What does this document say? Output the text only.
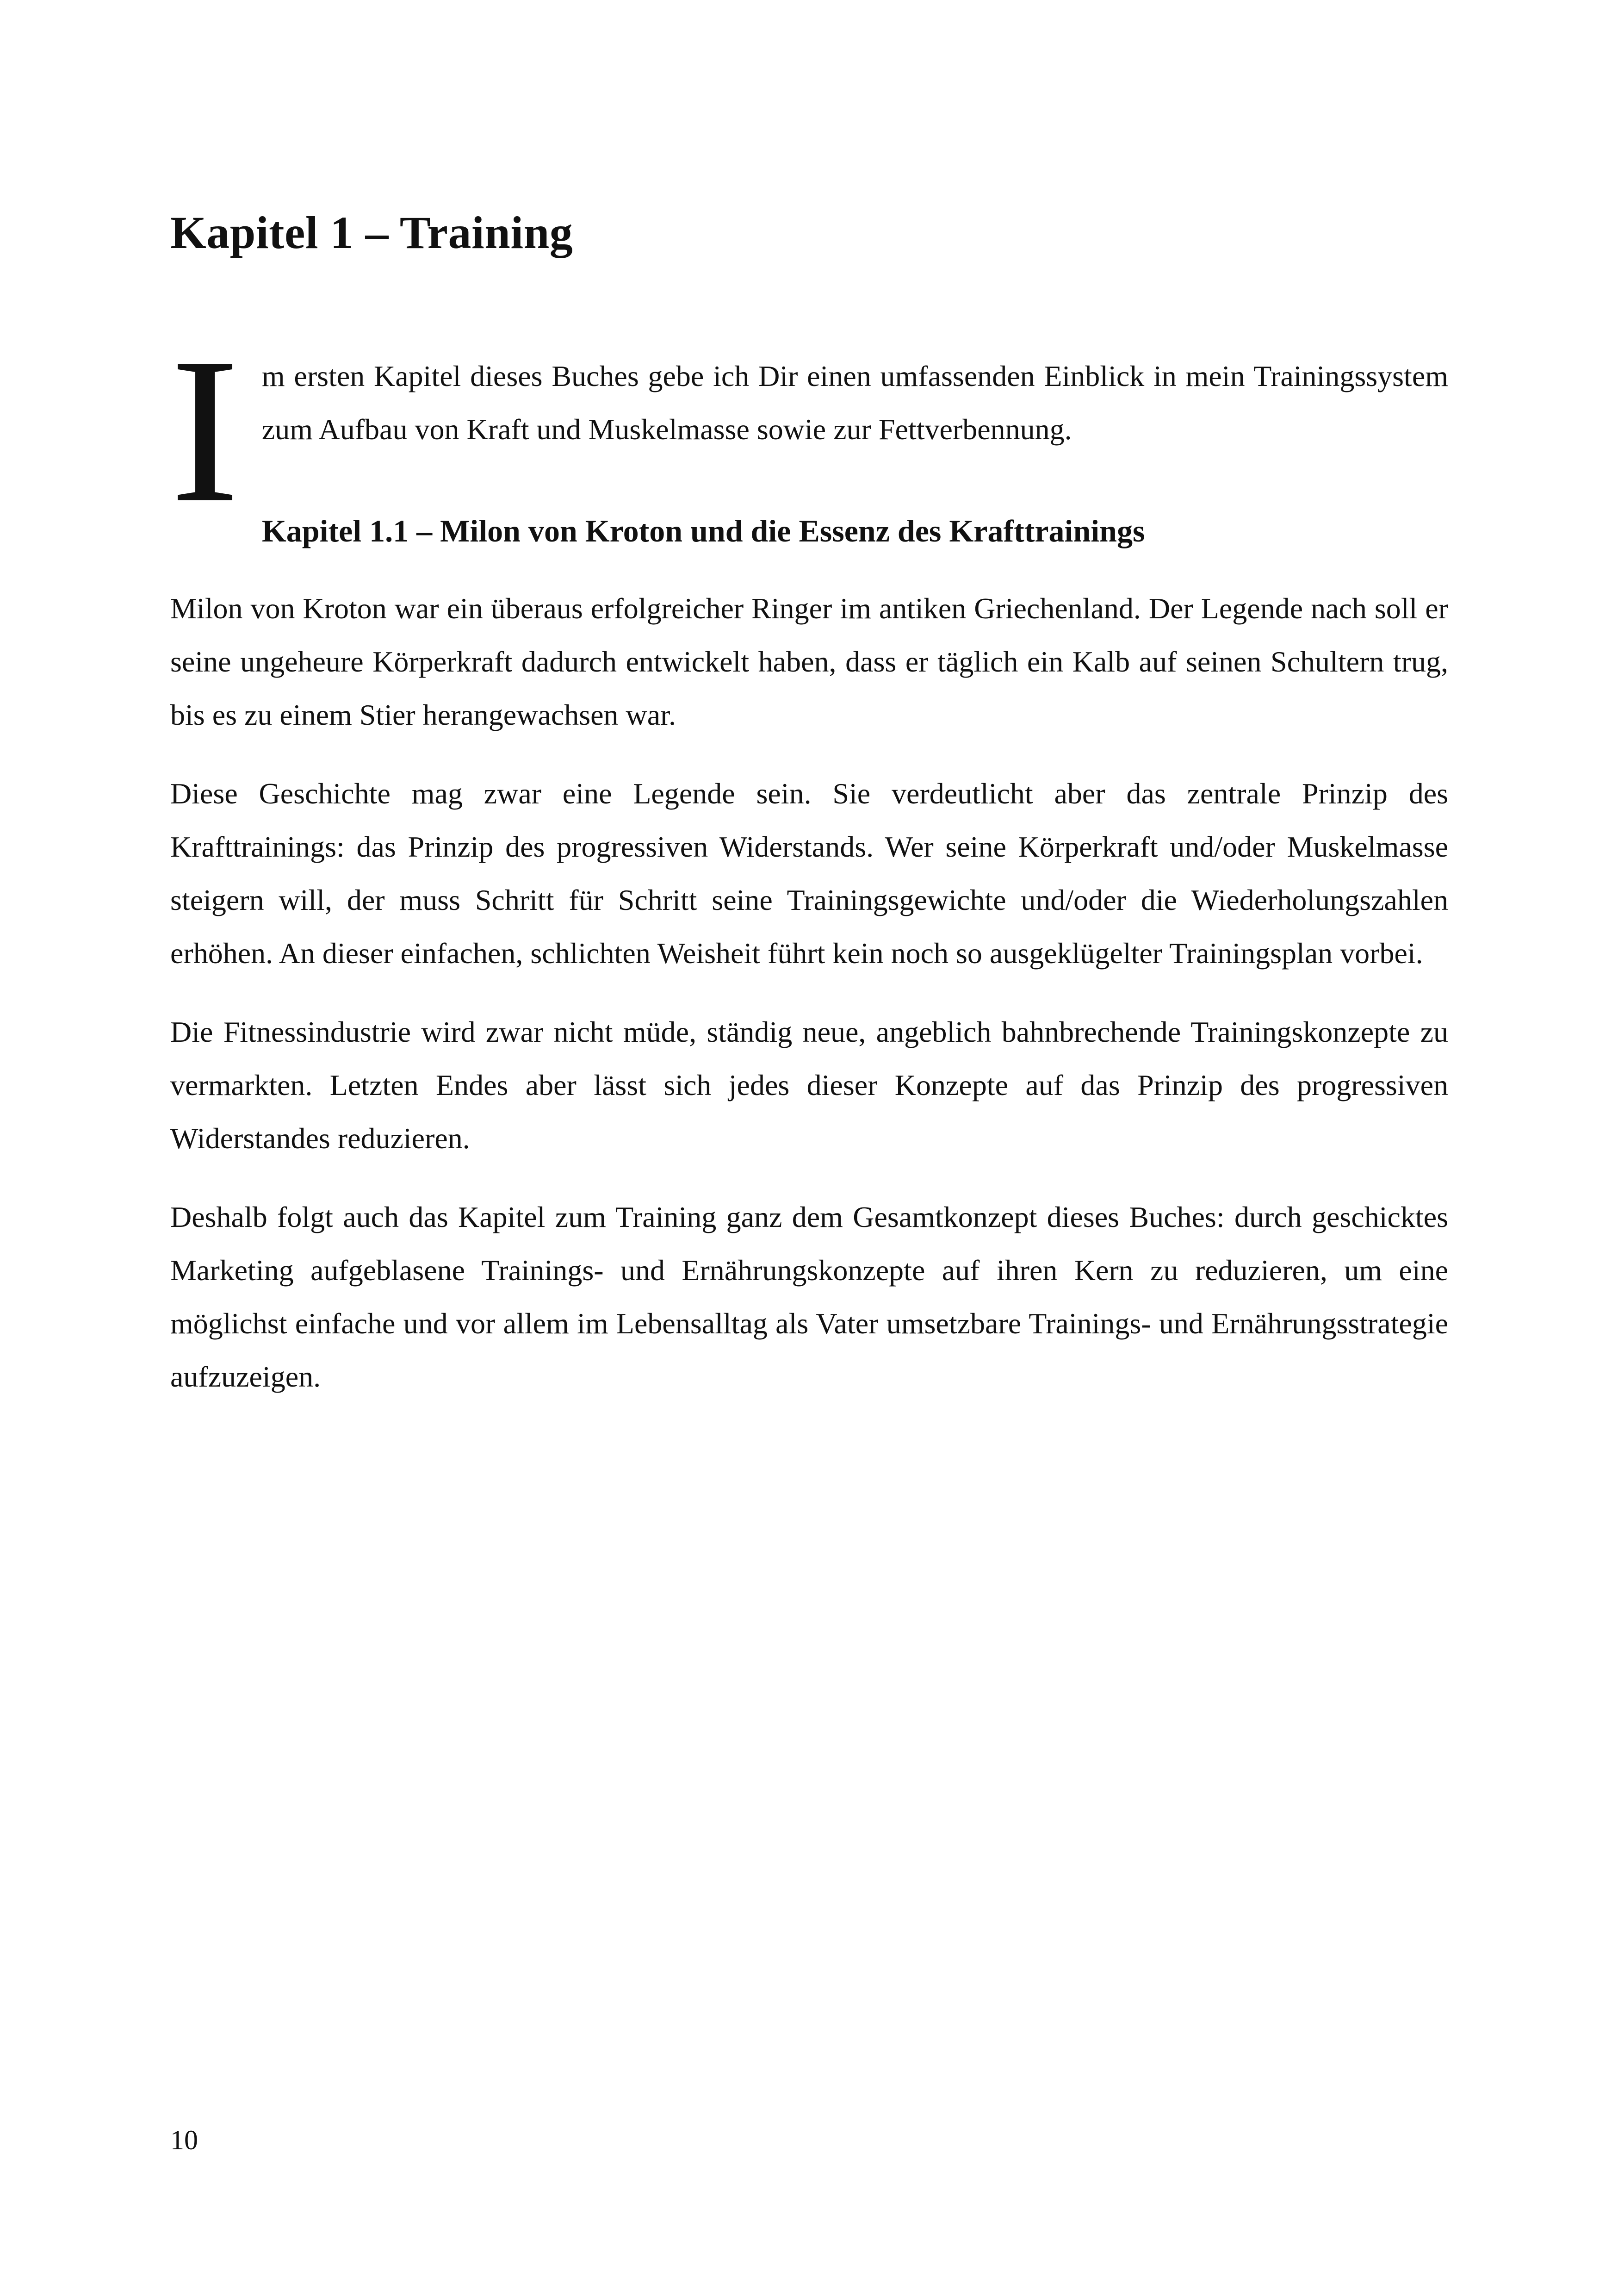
Kapitel 1 – Training
Im ersten Kapitel dieses Buches gebe ich Dir einen umfassenden Einblick in mein Trainingssystem zum Aufbau von Kraft und Muskelmasse sowie zur Fettverbennung.
Kapitel 1.1 – Milon von Kroton und die Essenz des Krafttrainings

Milon von Kroton war ein überaus erfolgreicher Ringer im antiken Griechenland. Der Legende nach soll er seine ungeheure Körperkraft dadurch entwickelt haben, dass er täglich ein Kalb auf seinen Schultern trug, bis es zu einem Stier herangewachsen war.

Diese Geschichte mag zwar eine Legende sein. Sie verdeutlicht aber das zentrale Prinzip des Krafttrainings: das Prinzip des progressiven Widerstands. Wer seine Körperkraft und/oder Muskelmasse steigern will, der muss Schritt für Schritt seine Trainingsgewichte und/oder die Wiederholungszahlen erhöhen. An dieser einfachen, schlichten Weisheit führt kein noch so ausgeklügelter Trainingsplan vorbei.

Die Fitnessindustrie wird zwar nicht müde, ständig neue, angeblich bahnbrechende Trainingskonzepte zu vermarkten. Letzten Endes aber lässt sich jedes dieser Konzepte auf das Prinzip des progressiven Widerstandes reduzieren.

Deshalb folgt auch das Kapitel zum Training ganz dem Gesamtkonzept dieses Buches: durch geschicktes Marketing aufgeblasene Trainings- und Ernährungskonzepte auf ihren Kern zu reduzieren, um eine möglichst einfache und vor allem im Lebensalltag als Vater umsetzbare Trainings- und Ernährungsstrategie aufzuzeigen.

10
